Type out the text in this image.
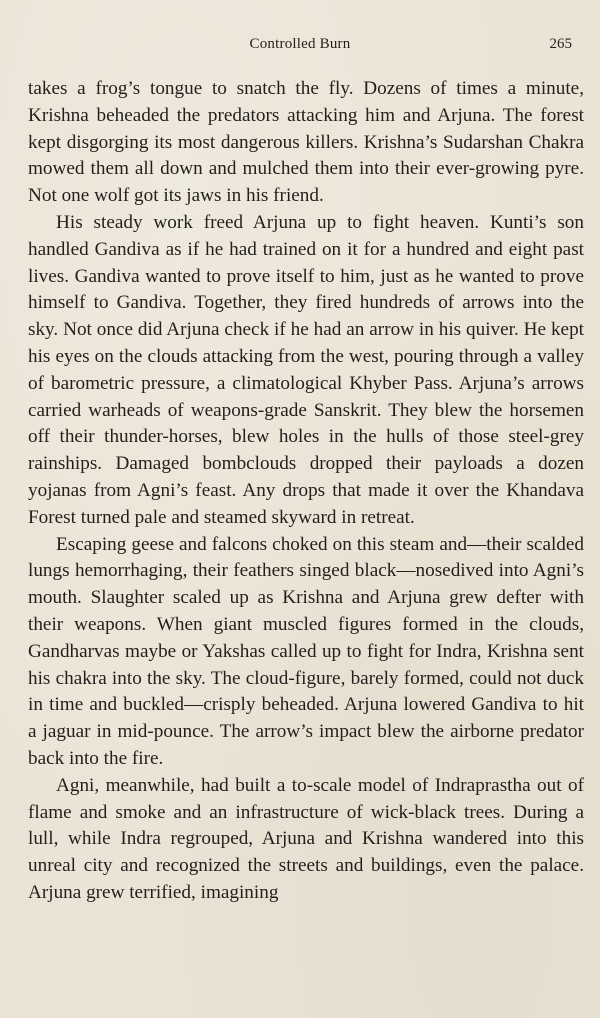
Controlled Burn	265

takes a frog’s tongue to snatch the fly. Dozens of times a minute, Krishna beheaded the predators attacking him and Arjuna. The forest kept disgorging its most dangerous killers. Krishna’s Sudarshan Chakra mowed them all down and mulched them into their ever-growing pyre. Not one wolf got its jaws in his friend.

His steady work freed Arjuna up to fight heaven. Kunti’s son handled Gandiva as if he had trained on it for a hundred and eight past lives. Gandiva wanted to prove itself to him, just as he wanted to prove himself to Gandiva. Together, they fired hundreds of arrows into the sky. Not once did Arjuna check if he had an arrow in his quiver. He kept his eyes on the clouds attacking from the west, pouring through a valley of barometric pressure, a climatological Khyber Pass. Arjuna’s arrows carried warheads of weapons-grade Sanskrit. They blew the horsemen off their thunder-horses, blew holes in the hulls of those steel-grey rainships. Damaged bombclouds dropped their payloads a dozen yojanas from Agni’s feast. Any drops that made it over the Khandava Forest turned pale and steamed skyward in retreat.

Escaping geese and falcons choked on this steam and—their scalded lungs hemorrhaging, their feathers singed black—nosedived into Agni’s mouth. Slaughter scaled up as Krishna and Arjuna grew defter with their weapons. When giant muscled figures formed in the clouds, Gandharvas maybe or Yakshas called up to fight for Indra, Krishna sent his chakra into the sky. The cloud-figure, barely formed, could not duck in time and buckled—crisply beheaded. Arjuna lowered Gandiva to hit a jaguar in mid-pounce. The arrow’s impact blew the airborne predator back into the fire.

Agni, meanwhile, had built a to-scale model of Indraprastha out of flame and smoke and an infrastructure of wick-black trees. During a lull, while Indra regrouped, Arjuna and Krishna wandered into this unreal city and recognized the streets and buildings, even the palace. Arjuna grew terrified, imagining
